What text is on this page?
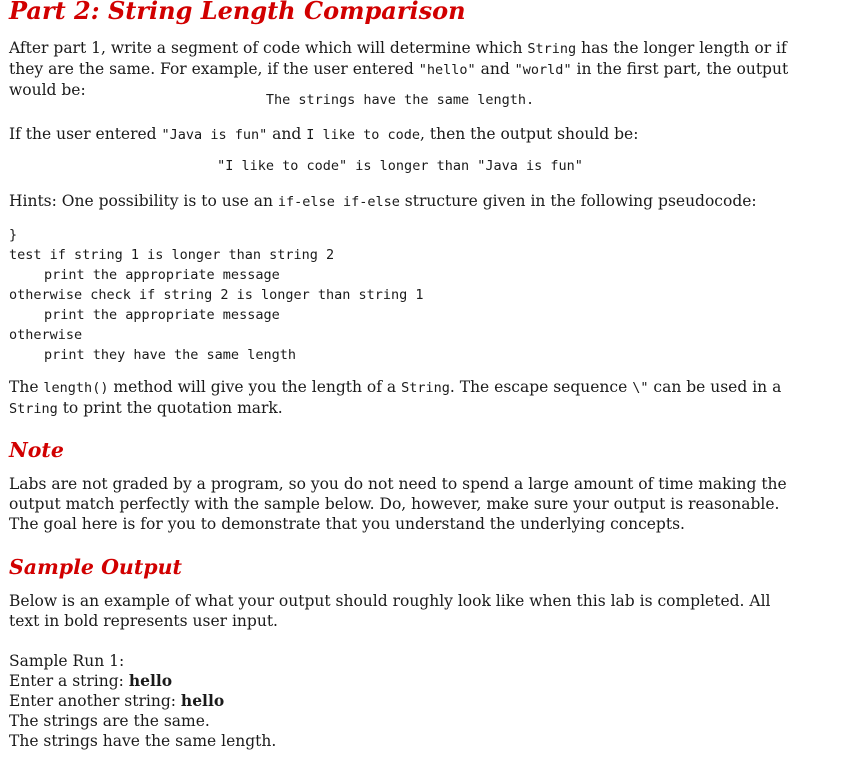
Part 2: String Length Comparison

After part 1, write a segment of code which will determine which String has the longer length or if they are the same. For example, if the user entered "hello" and "world" in the first part, the output would be:

The strings have the same length.

If the user entered "Java is fun" and I like to code, then the output should be:

"I like to code" is longer than "Java is fun"

Hints: One possibility is to use an if-else if-else structure given in the following pseudocode:

}
test if string 1 is longer than string 2
print the appropriate message
otherwise check if string 2 is longer than string 1
print the appropriate message
otherwise
print they have the same length

The length() method will give you the length of a String. The escape sequence \" can be used in a String to print the quotation mark.

Note

Labs are not graded by a program, so you do not need to spend a large amount of time making the output match perfectly with the sample below. Do, however, make sure your output is reasonable. The goal here is for you to demonstrate that you understand the underlying concepts.

Sample Output

Below is an example of what your output should roughly look like when this lab is completed. All text in bold represents user input.

Sample Run 1:
Enter a string: hello
Enter another string: hello
The strings are the same.
The strings have the same length.
